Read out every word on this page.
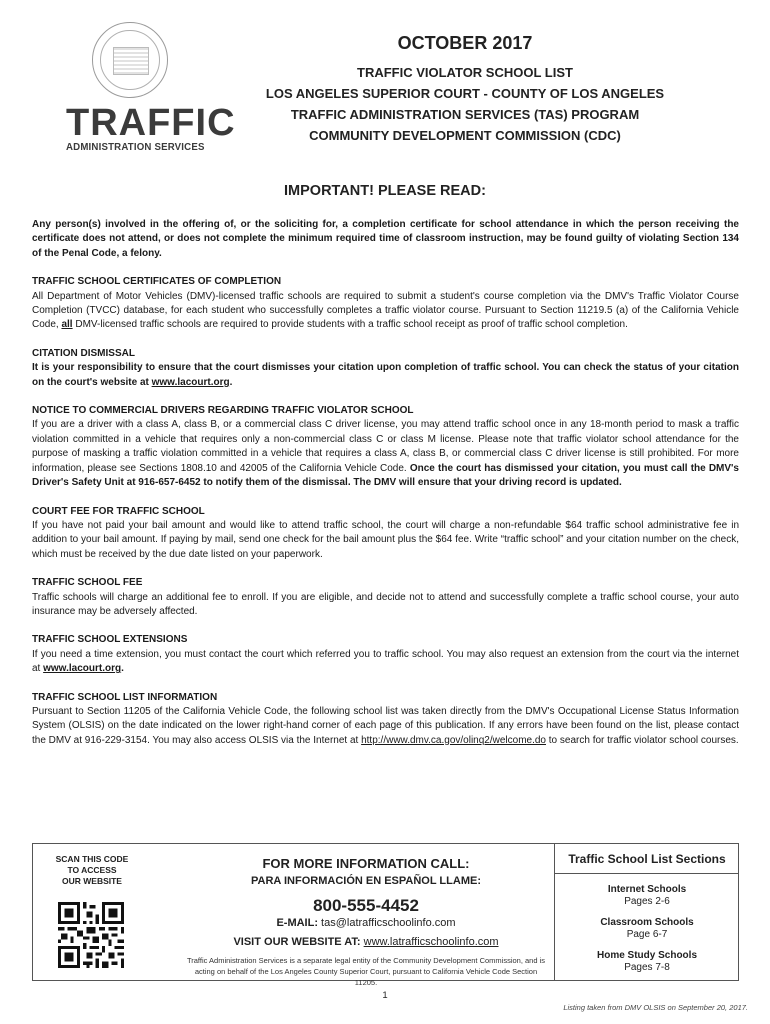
TRAFFIC
ADMINISTRATION SERVICES
OCTOBER 2017
TRAFFIC VIOLATOR SCHOOL LIST
LOS ANGELES SUPERIOR COURT - COUNTY OF LOS ANGELES
TRAFFIC ADMINISTRATION SERVICES (TAS) PROGRAM
COMMUNITY DEVELOPMENT COMMISSION (CDC)
IMPORTANT! PLEASE READ:

Any person(s) involved in the offering of, or the soliciting for, a completion certificate for school attendance in which the person receiving the certificate does not attend, or does not complete the minimum required time of classroom instruction, may be found guilty of violating Section 134 of the Penal Code, a felony.

TRAFFIC SCHOOL CERTIFICATES OF COMPLETION

All Department of Motor Vehicles (DMV)-licensed traffic schools are required to submit a student's course completion via the DMV's Traffic Violator Course Completion (TVCC) database, for each student who successfully completes a traffic violator course. Pursuant to Section 11219.5 (a) of the California Vehicle Code, all DMV-licensed traffic schools are required to provide students with a traffic school receipt as proof of traffic school completion.

CITATION DISMISSAL

It is your responsibility to ensure that the court dismisses your citation upon completion of traffic school. You can check the status of your citation on the court's website at www.lacourt.org.

NOTICE TO COMMERCIAL DRIVERS REGARDING TRAFFIC VIOLATOR SCHOOL

If you are a driver with a class A, class B, or a commercial class C driver license, you may attend traffic school once in any 18-month period to mask a traffic violation committed in a vehicle that requires only a non-commercial class C or class M license. Please note that traffic violator school attendance for the purpose of masking a traffic violation committed in a vehicle that requires a class A, class B, or commercial class C driver license is still prohibited. For more information, please see Sections 1808.10 and 42005 of the California Vehicle Code. Once the court has dismissed your citation, you must call the DMV's Driver's Safety Unit at 916-657-6452 to notify them of the dismissal. The DMV will ensure that your driving record is updated.

COURT FEE FOR TRAFFIC SCHOOL

If you have not paid your bail amount and would like to attend traffic school, the court will charge a non-refundable $64 traffic school administrative fee in addition to your bail amount. If paying by mail, send one check for the bail amount plus the $64 fee. Write “traffic school” and your citation number on the check, which must be received by the due date listed on your paperwork.

TRAFFIC SCHOOL FEE

Traffic schools will charge an additional fee to enroll. If you are eligible, and decide not to attend and successfully complete a traffic school course, your auto insurance may be adversely affected.

TRAFFIC SCHOOL EXTENSIONS

If you need a time extension, you must contact the court which referred you to traffic school. You may also request an extension from the court via the internet at www.lacourt.org.

TRAFFIC SCHOOL LIST INFORMATION

Pursuant to Section 11205 of the California Vehicle Code, the following school list was taken directly from the DMV's Occupational License Status Information System (OLSIS) on the date indicated on the lower right-hand corner of each page of this publication. If any errors have been found on the list, please contact the DMV at 916-229-3154. You may also access OLSIS via the Internet at http://www.dmv.ca.gov/olinq2/welcome.do to search for traffic violator school courses.

SCAN THIS CODE
TO ACCESS
OUR WEBSITE
FOR MORE INFORMATION CALL:
PARA INFORMACIÓN EN ESPAÑOL LLAME:
800-555-4452
E-MAIL: tas@latrafficschoolinfo.com
VISIT OUR WEBSITE AT: www.latrafficschoolinfo.com
Traffic Administration Services is a separate legal entity of the Community Development Commission, and is acting on behalf of the Los Angeles County Superior Court, pursuant to California Vehicle Code Section 11205.
Traffic School List Sections
Internet Schools
Pages 2-6
Classroom Schools
Page 6-7
Home Study Schools
Pages 7-8
1
Listing taken from DMV OLSIS on September 20, 2017.
